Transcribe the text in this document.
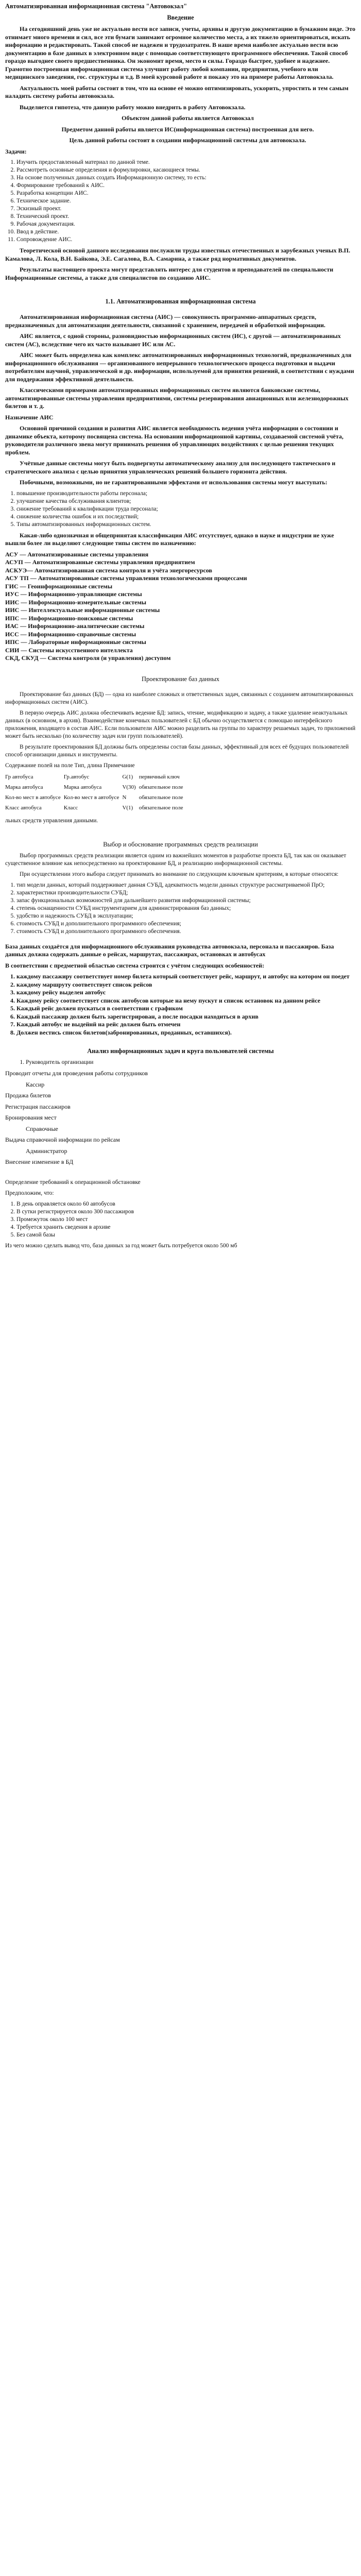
Автоматизированная информационная система "Автовокзал"
Введение

На сегодняшний день уже не актуально вести все записи, учеты, архивы и другую документацию в бумажном виде. Это отнимает много времени и сил, все эти бумаги занимают огромное количество места, а их тяжело ориентироваться, искать информацию и редактировать. Такой способ не надежен и трудозатратен. В наше время наиболее актуально вести всю документацию в базе данных в электронном виде с помощью соответствующего программного обеспечения. Такой способ гораздо выгоднее своего предшественника. Он экономит время, место и силы. Гораздо быстрее, удобнее и надежнее. Грамотно построенная информационная система улучшит работу любой компании, предприятия, учебного или медицинского заведения, гос. структуры и т.д. В моей курсовой работе я покажу это на примере работы Автовокзала.

Актуальность моей работы состоит в том, что на основе её можно оптимизировать, ускорить, упростить и тем самым наладить систему работы автовокзала.

Выделяется гипотеза, что данную работу можно внедрить в работу Автовокзала.

Объектом данной работы является Автовокзал

Предметом данной работы является ИС(информационная система) построенная для него.

Цель данной работы состоит в создании информационной системы для автовокзала.

Задачи:

1. Изучить предоставленный материал по данной теме.
2. Рассмотреть основные определения и формулировки, касающиеся темы.
3. На основе полученных данных создать Информационную систему, то есть:
4. Формирование требований к АИС.
5. Разработка концепции АИС.
6. Техническое задание.
7. Эскизный проект.
8. Технический проект.
9. Рабочая документация.
10. Ввод в действие.
11. Сопровождение АИС.

Теоретической основой данного исследования послужили труды известных отечественных и зарубежных ученых В.П. Камалова, Л. Кола, В.Н. Байкова, Э.Е. Сагалова, В.А. Самарина, а также ряд нормативных документов.

Результаты настоящего проекта могут представлять интерес для студентов и преподавателей по специальности Информационные системы, а также для специалистов по созданию АИС.

1.1. Автоматизированная информационная система

Автоматизированная информационная система (АИС) — совокупность программно-аппаратных средств, предназначенных для автоматизации деятельности, связанной с хранением, передачей и обработкой информации.

АИС является, с одной стороны, разновидностью информационных систем (ИС), с другой — автоматизированных систем (АС), вследствие чего их часто называют ИС или АС.

АИС может быть определена как комплекс автоматизированных информационных технологий, предназначенных для информационного обслуживания — организованного непрерывного технологического процесса подготовки и выдачи потребителям научной, управленческой и др. информации, используемой для принятия решений, в соответствии с нуждами для поддержания эффективной деятельности.

Классическими примерами автоматизированных информационных систем являются банковские системы, автоматизированные системы управления предприятиями, системы резервирования авиационных или железнодорожных билетов и т. д.

Назначение АИС

Основной причиной создания и развития АИС является необходимость ведения учёта информации о состоянии и динамике объекта, которому посвящена система. На основании информационной картины, создаваемой системой учёта, руководители различного звена могут принимать решения об управляющих воздействиях с целью решения текущих проблем.

Учётные данные системы могут быть подвергнуты автоматическому анализу для последующего тактического и стратегического анализа с целью принятия управленческих решений большего горизонта действия.

Побочными, возможными, но не гарантированными эффектами от использования системы могут выступать:

1. повышение производительности работы персонала;
2. улучшение качества обслуживания клиентов;
3. снижение требований к квалификации труда персонала;
4. снижение количества ошибок и их последствий;
5. Типы автоматизированных информационных систем.

Какая-либо однозначная и общепринятая классификация АИС отсутствует, однако в науке и индустрии не хуже вышли более ли выделяют следующие типы систем по назначению:

АСУ — Автоматизированные системы управления
АСУП — Автоматизированные системы управления предприятием
АСКУЭ— Автоматизированная система контроля и учёта энергоресурсов
АСУ ТП — Автоматизированные системы управления технологическими процессами
ГИС — Геоинформационные системы
ИУС — Информационно-управляющие системы
ИИС — Информационно-измерительные системы
ИИС — Интеллектуальные информационные системы
ИПС — Информационно-поисковые системы
ИАС — Информационно-аналитические системы
ИСС — Информационно-справочные системы
ИПС — Лабораторные информационные системы
СИИ — Системы искусственного интеллекта
СКД, СКУД — Система контроля (и управления) доступом
Проектирование баз данных

Проектирование баз данных (БД) — одна из наиболее сложных и ответственных задач, связанных с созданием автоматизированных информационных систем (АИС).

В первую очередь АИС должна обеспечивать ведение БД: запись, чтение, модификацию и задачу, а также удаление неактуальных данных (в основном, в архив). Взаимодействие конечных пользователей с БД обычно осуществляется с помощью интерфейсного приложения, входящего в состав АИС. Если пользователи АИС можно разделить на группы по характеру решаемых задач, то приложений может быть несколько (по количеству задач или групп пользователей).

В результате проектирования БД должны быть определены состав базы данных, эффективный для всех её будущих пользователей способ организации данных и инструменты.

Содержание полей на поле Тип, длина Примечание

Гр автобуса	Гр.автобус	G(1)	первичный ключ
Марка автобуса	Марка автобуса	V(30)	обязательное поле
Кол-во мест в автобусе	Кол-во мест в автобусе	N	обязательное поле
Класс автобуса	Класс	V(1)	обязательное поле

льных средств управления данными.

Выбор и обоснование программных средств реализации

Выбор программных средств реализации является одним из важнейших моментов в разработке проекта БД, так как он оказывает существенное влияние как непосредственно на проектирование БД, и реализацию информационной системы.

При осуществлении этого выбора следует принимать во внимание по следующим ключевым критериям, в которые относятся:

1. тип модели данных, который поддерживает данная СУБД, адекватность модели данных структуре рассматриваемой ПрО;
2. характеристики производительности СУБД;
3. запас функциональных возможностей для дальнейшего развития информационной системы;
4. степень оснащенности СУБД инструментарием для администрирования баз данных;
5. удобство и надежность СУБД в эксплуатации;
6. стоимость СУБД и дополнительного программного обеспечения;
7. стоимость СУБД и дополнительного программного обеспечения.

База данных создаётся для информационного обслуживания руководства автовокзала, персонала и пассажиров. База данных должна содержать данные о рейсах, маршрутах, пассажирах, остановках и автобусах

В соответствии с предметной областью система строится с учётом следующих особенностей:

1. каждому пассажиру соответствует номер билета который соответствует рейс, маршрут, и автобус на котором он поедет
2. каждому маршруту соответствует список рейсов
3. каждому рейсу выделен автобус
4. Каждому рейсу соответствует список автобусов которые на нему пускут и список остановок на данном рейсе
5. Каждый рейс должен пускаться в соответствии с графиком
6. Каждый пассажир должен быть зарегистрирован, а после посадки находиться в архив
7. Каждый автобус не выдейнй на рейс должен быть отмечен
8. Должен вестись список билетов(забронированных, проданных, оставшихся).
Анализ информационных задач и круга пользователей системы
1. Руководитель организации

Проводит отчеты для проведения работы сотрудников

Кассир

Продажа билетов

Регистрация пассажиров

Бронирования мест

Справочные

Выдача справочной информации по рейсам

Администратор

Внесение изменение в БД

Определение требований к операционной обстановке

Предположим, что:

1. В день оправляется около 60 автобусов
2. В сутки регистрируется около 300 пассажиров
3. Промежуток около 100 мест
4. Требуется хранить сведения в архиве
5. Без самой базы

Из чего можно сделать вывод что, база данных за год может быть потребуется около 500 мб
